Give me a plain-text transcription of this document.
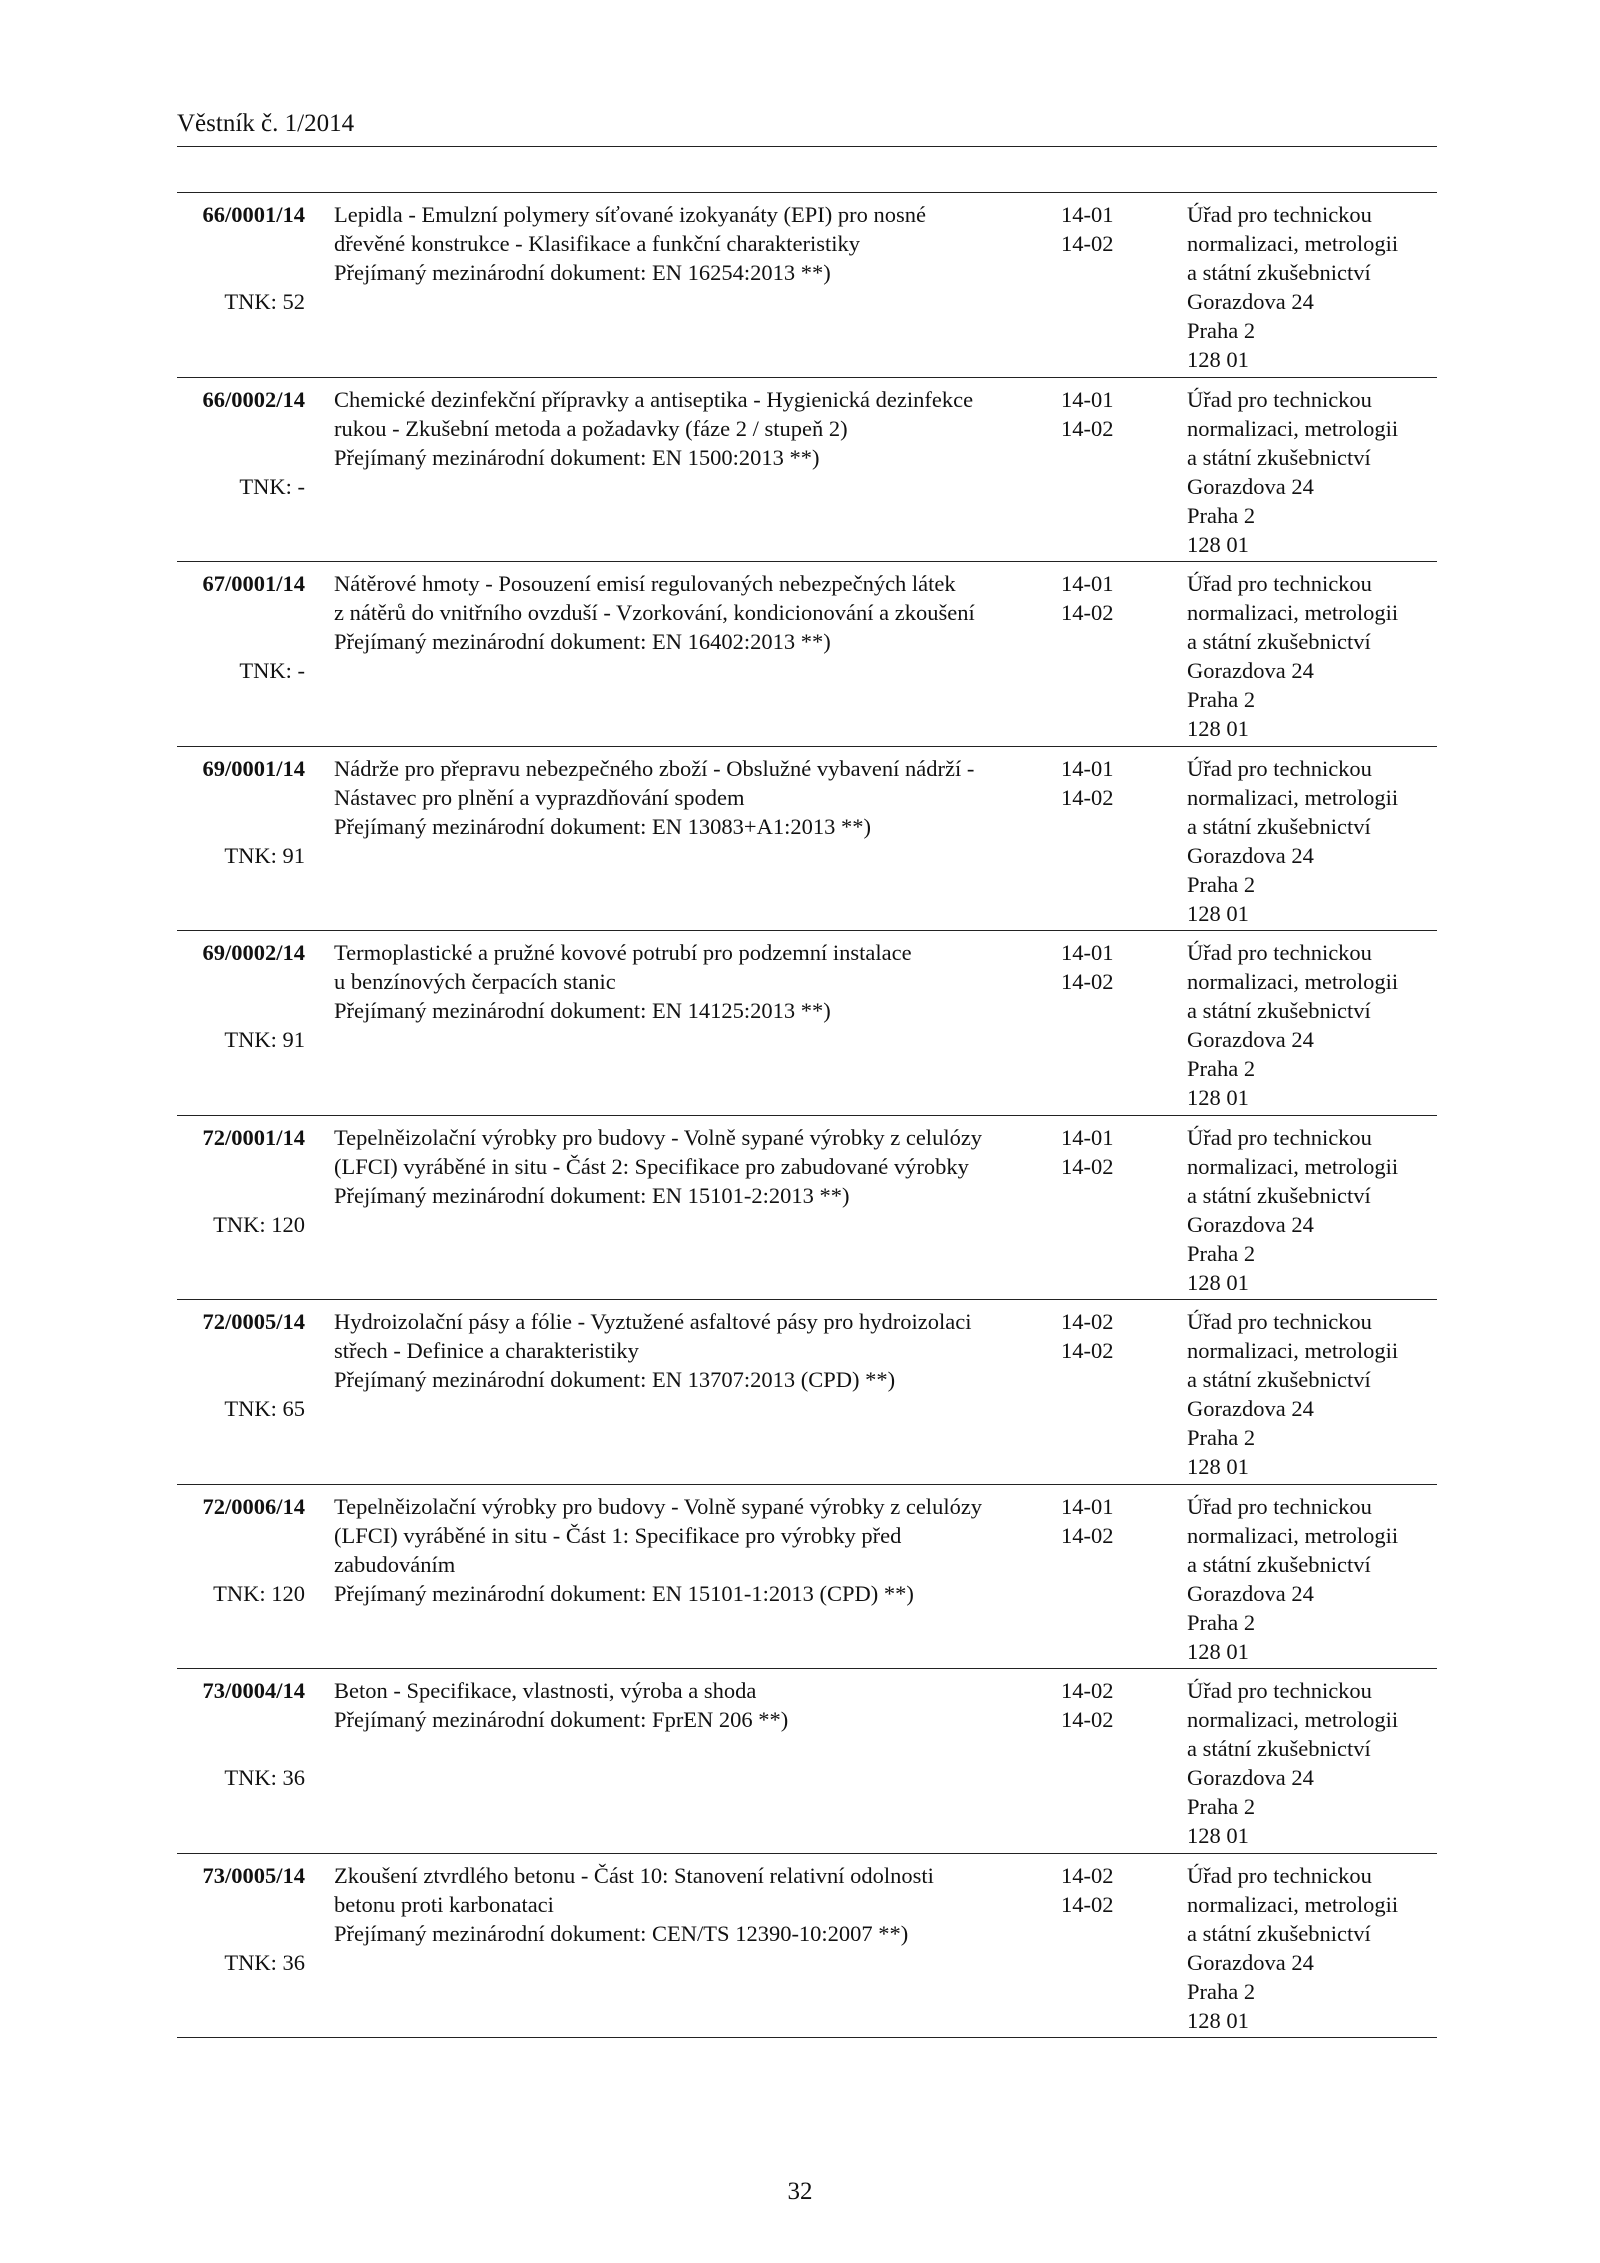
Věstník č. 1/2014
66/0001/14
TNK: 52
Lepidla - Emulzní polymery síťované izokyanáty (EPI) pro nosné
dřevěné konstrukce - Klasifikace a funkční charakteristiky
Přejímaný mezinárodní dokument: EN 16254:2013 **)
14-01
14-02
Úřad pro technickou
normalizaci, metrologii
a státní zkušebnictví
Gorazdova 24
Praha 2
128 01
66/0002/14
TNK: -
Chemické dezinfekční přípravky a antiseptika - Hygienická dezinfekce
rukou - Zkušební metoda a požadavky (fáze 2 / stupeň 2)
Přejímaný mezinárodní dokument: EN 1500:2013 **)
14-01
14-02
Úřad pro technickou
normalizaci, metrologii
a státní zkušebnictví
Gorazdova 24
Praha 2
128 01
67/0001/14
TNK: -
Nátěrové hmoty - Posouzení emisí regulovaných nebezpečných látek
z nátěrů do vnitřního ovzduší - Vzorkování, kondicionování a zkoušení
Přejímaný mezinárodní dokument: EN 16402:2013 **)
14-01
14-02
Úřad pro technickou
normalizaci, metrologii
a státní zkušebnictví
Gorazdova 24
Praha 2
128 01
69/0001/14
TNK: 91
Nádrže pro přepravu nebezpečného zboží - Obslužné vybavení nádrží -
Nástavec pro plnění a vyprazdňování spodem
Přejímaný mezinárodní dokument: EN 13083+A1:2013 **)
14-01
14-02
Úřad pro technickou
normalizaci, metrologii
a státní zkušebnictví
Gorazdova 24
Praha 2
128 01
69/0002/14
TNK: 91
Termoplastické a pružné kovové potrubí pro podzemní instalace
u benzínových čerpacích stanic
Přejímaný mezinárodní dokument: EN 14125:2013 **)
14-01
14-02
Úřad pro technickou
normalizaci, metrologii
a státní zkušebnictví
Gorazdova 24
Praha 2
128 01
72/0001/14
TNK: 120
Tepelněizolační výrobky pro budovy - Volně sypané výrobky z celulózy
(LFCI) vyráběné in situ - Část 2: Specifikace pro zabudované výrobky
Přejímaný mezinárodní dokument: EN 15101-2:2013 **)
14-01
14-02
Úřad pro technickou
normalizaci, metrologii
a státní zkušebnictví
Gorazdova 24
Praha 2
128 01
72/0005/14
TNK: 65
Hydroizolační pásy a fólie - Vyztužené asfaltové pásy pro hydroizolaci
střech - Definice a charakteristiky
Přejímaný mezinárodní dokument: EN 13707:2013 (CPD) **)
14-02
14-02
Úřad pro technickou
normalizaci, metrologii
a státní zkušebnictví
Gorazdova 24
Praha 2
128 01
72/0006/14
TNK: 120
Tepelněizolační výrobky pro budovy - Volně sypané výrobky z celulózy
(LFCI) vyráběné in situ - Část 1: Specifikace pro výrobky před
zabudováním
Přejímaný mezinárodní dokument: EN 15101-1:2013 (CPD) **)
14-01
14-02
Úřad pro technickou
normalizaci, metrologii
a státní zkušebnictví
Gorazdova 24
Praha 2
128 01
73/0004/14
TNK: 36
Beton - Specifikace, vlastnosti, výroba a shoda
Přejímaný mezinárodní dokument: FprEN 206 **)
14-02
14-02
Úřad pro technickou
normalizaci, metrologii
a státní zkušebnictví
Gorazdova 24
Praha 2
128 01
73/0005/14
TNK: 36
Zkoušení ztvrdlého betonu - Část 10: Stanovení relativní odolnosti
betonu proti karbonataci
Přejímaný mezinárodní dokument: CEN/TS 12390-10:2007 **)
14-02
14-02
Úřad pro technickou
normalizaci, metrologii
a státní zkušebnictví
Gorazdova 24
Praha 2
128 01
32
